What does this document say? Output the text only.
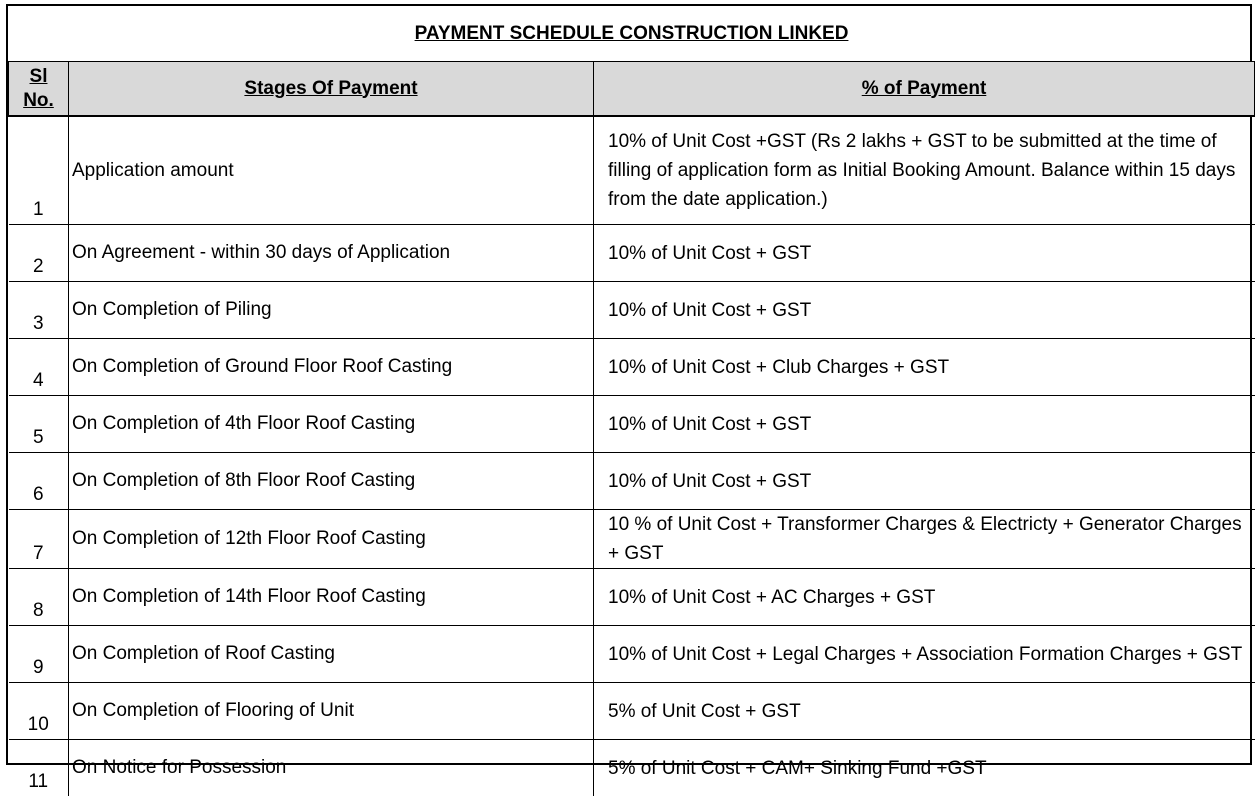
PAYMENT SCHEDULE CONSTRUCTION LINKED		
Sl
No.	Stages Of Payment	% of Payment
1	Application amount	10% of Unit Cost +GST (Rs 2 lakhs + GST to be submitted at the time of filling of application form as Initial Booking Amount. Balance within 15 days from the date application.)
2	On Agreement - within 30 days of Application	10% of Unit Cost + GST
3	On Completion of Piling	10% of Unit Cost + GST
4	On Completion of Ground Floor Roof Casting	10% of Unit Cost + Club Charges + GST
5	On Completion of 4th Floor Roof Casting	10% of Unit Cost + GST
6	On Completion of 8th Floor Roof Casting	10% of Unit Cost + GST
7	On Completion of 12th Floor Roof Casting	10 % of Unit Cost + Transformer Charges & Electricty + Generator Charges + GST
8	On Completion of 14th Floor Roof Casting	10% of Unit Cost + AC Charges + GST
9	On Completion of Roof Casting	10% of Unit Cost + Legal Charges + Association Formation Charges + GST
10	On Completion of Flooring of Unit	5% of Unit Cost + GST
11	On Notice for Possession	5% of Unit Cost + CAM+ Sinking Fund +GST
